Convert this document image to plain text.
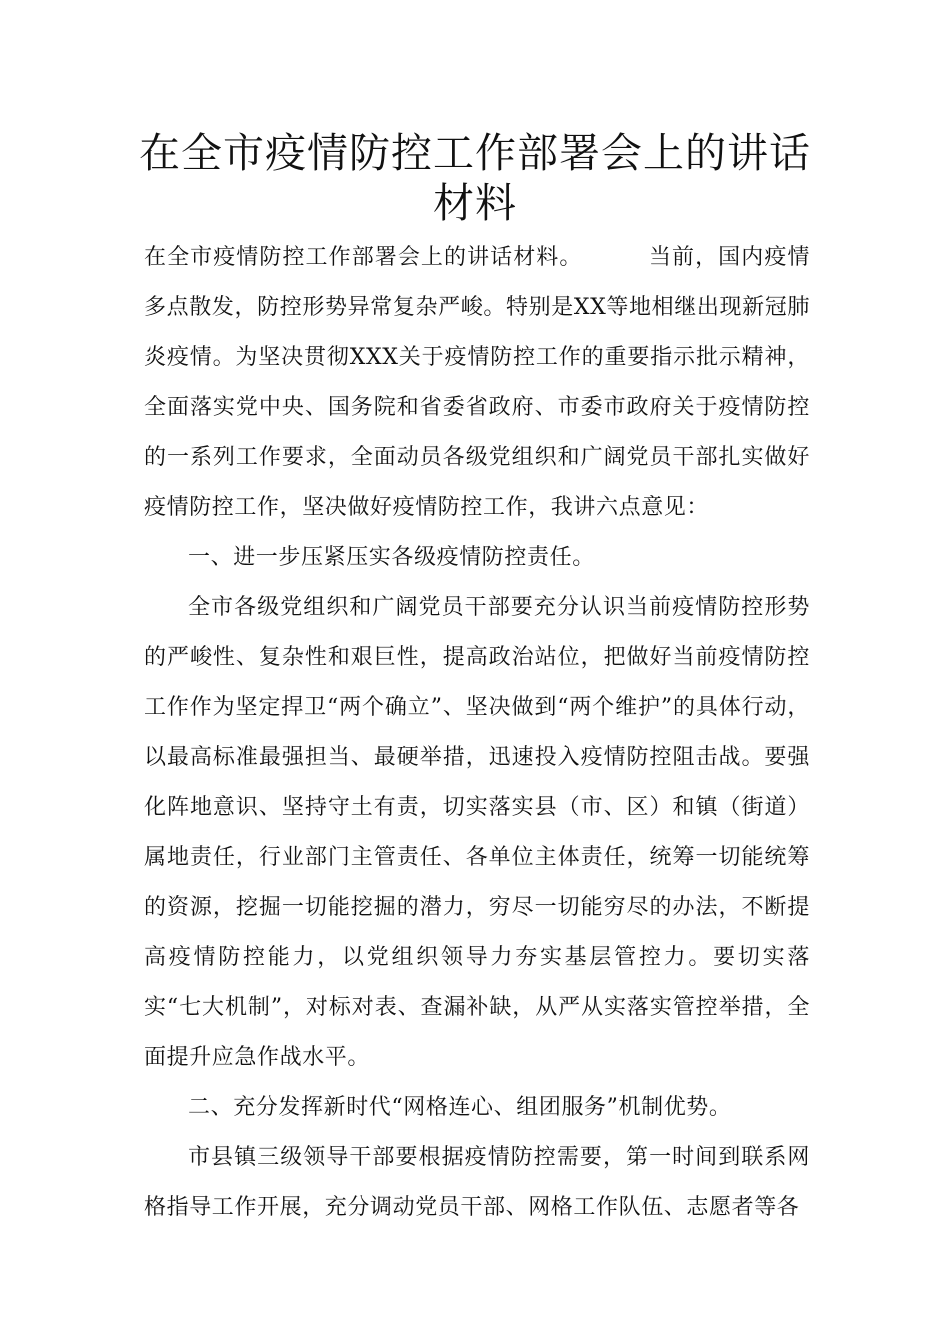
在全市疫情防控工作部署会上的讲话材料

在全市疫情防控工作部署会上的讲话材料。	当前，国内疫情多点散发，防控形势异常复杂严峻。特别是XX等地相继出现新冠肺炎疫情。为坚决贯彻XXX关于疫情防控工作的重要指示批示精神，全面落实党中央、国务院和省委省政府、市委市政府关于疫情防控的一系列工作要求，全面动员各级党组织和广阔党员干部扎实做好疫情防控工作，坚决做好疫情防控工作，我讲六点意见：

一、进一步压紧压实各级疫情防控责任。

全市各级党组织和广阔党员干部要充分认识当前疫情防控形势的严峻性、复杂性和艰巨性，提高政治站位，把做好当前疫情防控工作作为坚定捍卫“两个确立”、坚决做到“两个维护”的具体行动，以最高标准最强担当、最硬举措，迅速投入疫情防控阻击战。要强化阵地意识、坚持守土有责，切实落实县（市、区）和镇（街道）属地责任，行业部门主管责任、各单位主体责任，统筹一切能统筹的资源，挖掘一切能挖掘的潜力，穷尽一切能穷尽的办法，不断提高疫情防控能力，以党组织领导力夯实基层管控力。要切实落实“七大机制”，对标对表、查漏补缺，从严从实落实管控举措，全面提升应急作战水平。

二、充分发挥新时代“网格连心、组团服务”机制优势。

市县镇三级领导干部要根据疫情防控需要，第一时间到联系网格指导工作开展，充分调动党员干部、网格工作队伍、志愿者等各
